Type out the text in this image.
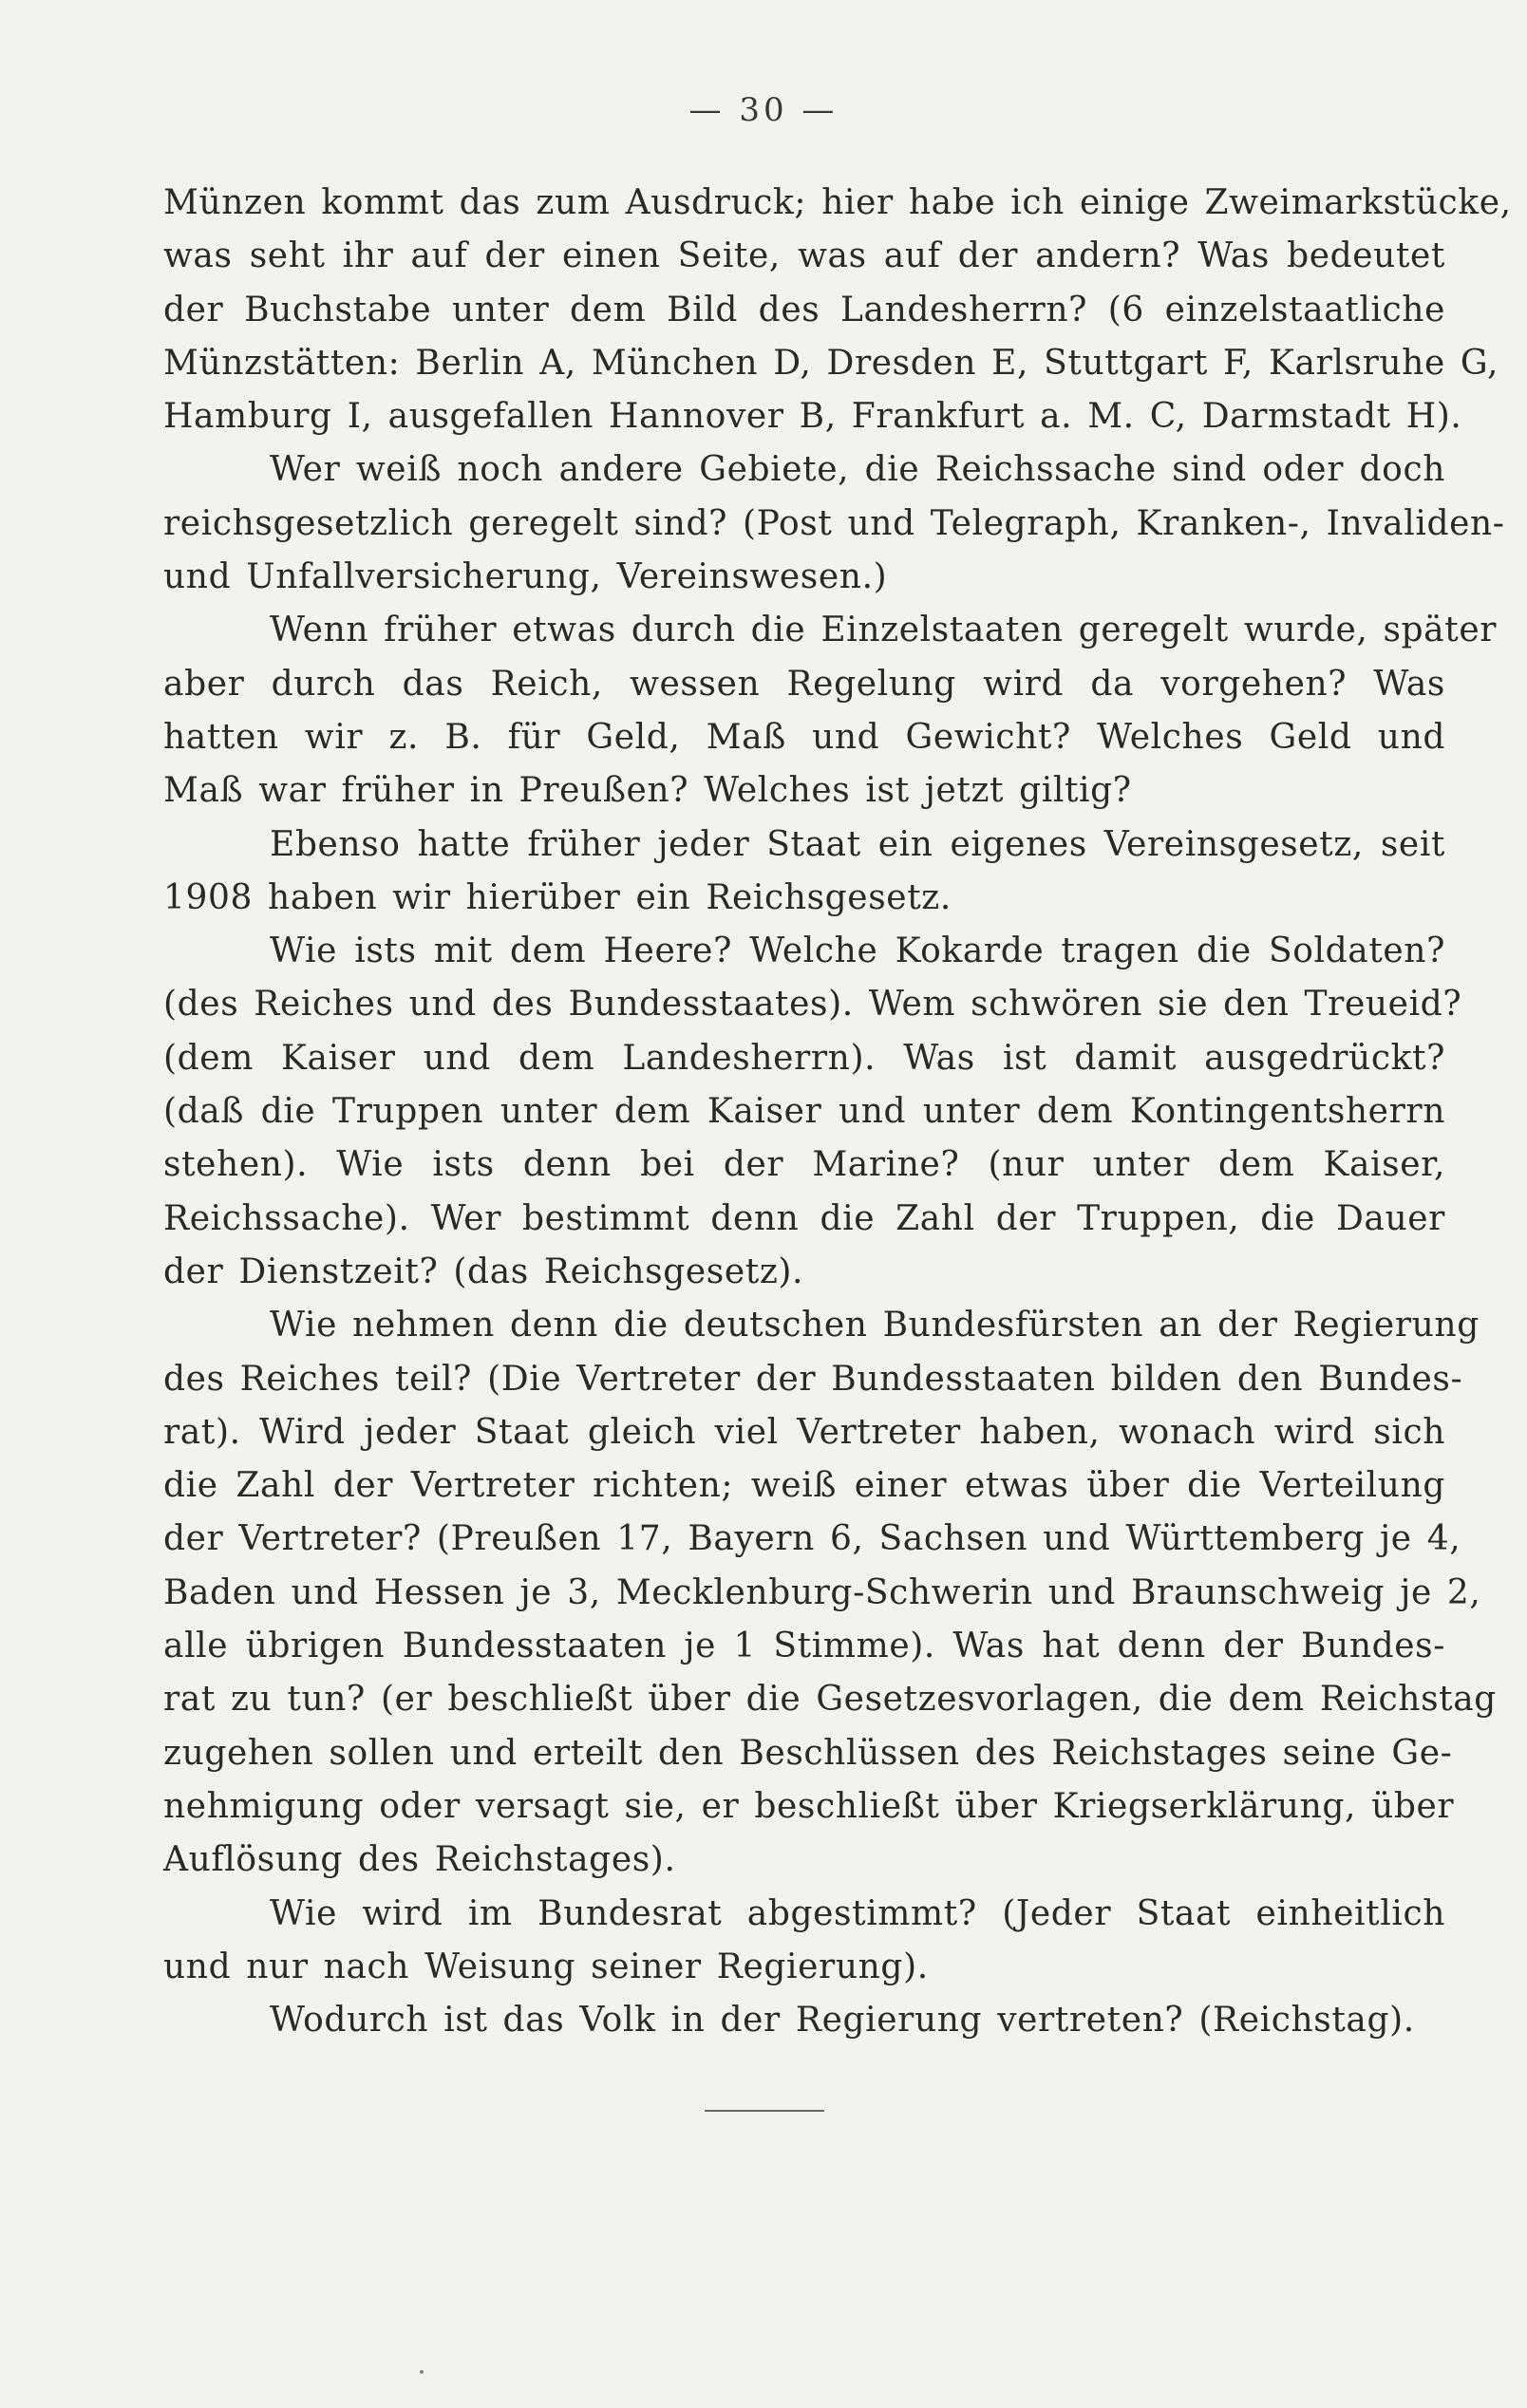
— 30 —
Münzen kommt das zum Ausdruck; hier habe ich einige Zweimarkstücke,
was seht ihr auf der einen Seite, was auf der andern? Was bedeutet
der Buchstabe unter dem Bild des Landesherrn? (6 einzelstaatliche
Münzstätten: Berlin A, München D, Dresden E, Stuttgart F, Karlsruhe G,
Hamburg I, ausgefallen Hannover B, Frankfurt a. M. C, Darmstadt H).
Wer weiß noch andere Gebiete, die Reichssache sind oder doch
reichsgesetzlich geregelt sind? (Post und Telegraph, Kranken-, Invaliden-
und Unfallversicherung, Vereinswesen.)
Wenn früher etwas durch die Einzelstaaten geregelt wurde, später
aber durch das Reich, wessen Regelung wird da vorgehen? Was
hatten wir z. B. für Geld, Maß und Gewicht? Welches Geld und
Maß war früher in Preußen? Welches ist jetzt giltig?
Ebenso hatte früher jeder Staat ein eigenes Vereinsgesetz, seit
1908 haben wir hierüber ein Reichsgesetz.
Wie ists mit dem Heere? Welche Kokarde tragen die Soldaten?
(des Reiches und des Bundesstaates). Wem schwören sie den Treueid?
(dem Kaiser und dem Landesherrn). Was ist damit ausgedrückt?
(daß die Truppen unter dem Kaiser und unter dem Kontingentsherrn
stehen). Wie ists denn bei der Marine? (nur unter dem Kaiser,
Reichssache). Wer bestimmt denn die Zahl der Truppen, die Dauer
der Dienstzeit? (das Reichsgesetz).
Wie nehmen denn die deutschen Bundesfürsten an der Regierung
des Reiches teil? (Die Vertreter der Bundesstaaten bilden den Bundes-
rat). Wird jeder Staat gleich viel Vertreter haben, wonach wird sich
die Zahl der Vertreter richten; weiß einer etwas über die Verteilung
der Vertreter? (Preußen 17, Bayern 6, Sachsen und Württemberg je 4,
Baden und Hessen je 3, Mecklenburg-Schwerin und Braunschweig je 2,
alle übrigen Bundesstaaten je 1 Stimme). Was hat denn der Bundes-
rat zu tun? (er beschließt über die Gesetzesvorlagen, die dem Reichstag
zugehen sollen und erteilt den Beschlüssen des Reichstages seine Ge-
nehmigung oder versagt sie, er beschließt über Kriegserklärung, über
Auflösung des Reichstages).
Wie wird im Bundesrat abgestimmt? (Jeder Staat einheitlich
und nur nach Weisung seiner Regierung).
Wodurch ist das Volk in der Regierung vertreten? (Reichstag).
